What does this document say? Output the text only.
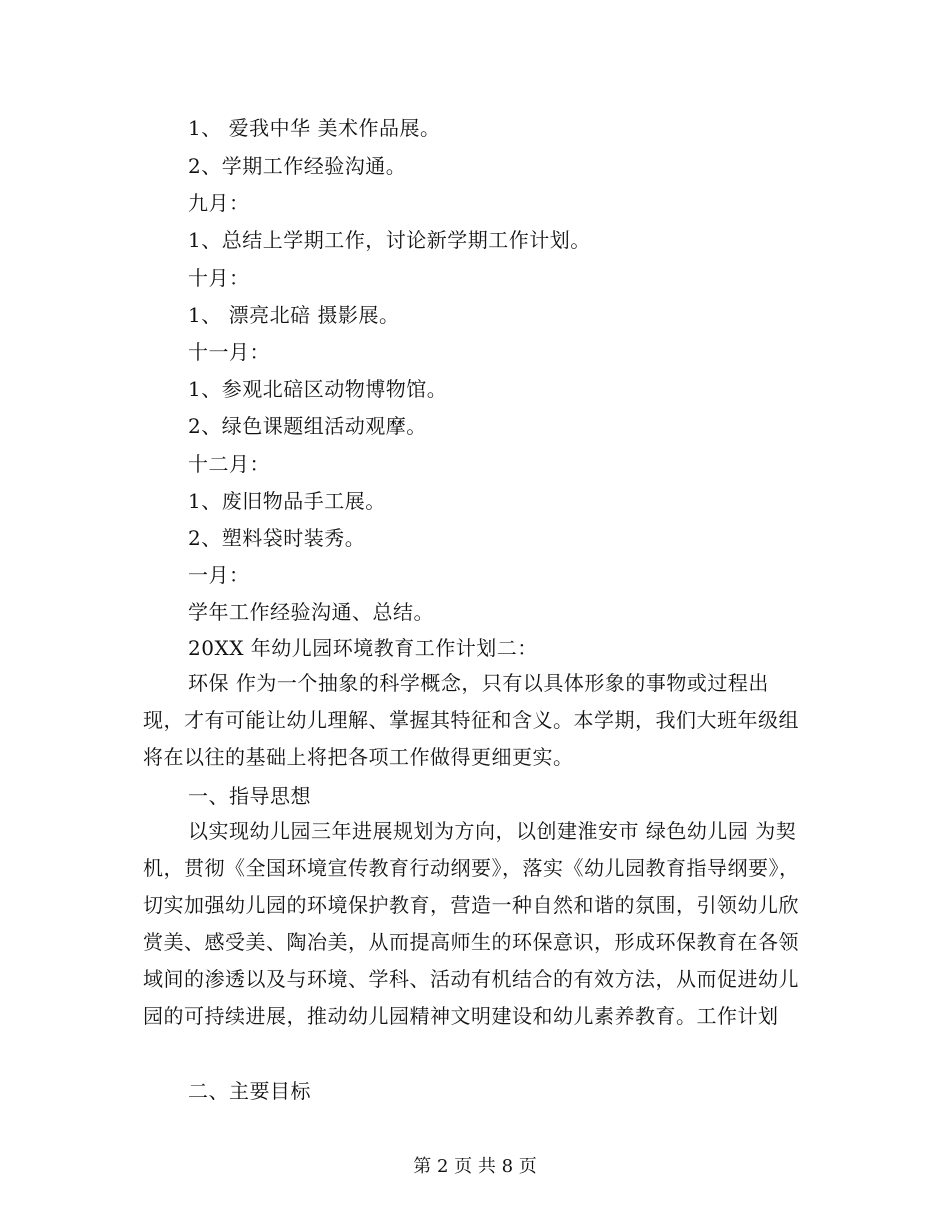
1、 爱我中华 美术作品展。
2、学期工作经验沟通。
九月：
1、总结上学期工作，讨论新学期工作计划。
十月：
1、 漂亮北碚 摄影展。
十一月：
1、参观北碚区动物博物馆。
2、绿色课题组活动观摩。
十二月：
1、废旧物品手工展。
2、塑料袋时装秀。
一月：
学年工作经验沟通、总结。
20XX 年幼儿园环境教育工作计划二：

环保 作为一个抽象的科学概念，只有以具体形象的事物或过程出现，才有可能让幼儿理解、掌握其特征和含义。本学期，我们大班年级组将在以往的基础上将把各项工作做得更细更实。

一、指导思想

以实现幼儿园三年进展规划为方向，以创建淮安市 绿色幼儿园 为契机，贯彻《全国环境宣传教育行动纲要》，落实《幼儿园教育指导纲要》，切实加强幼儿园的环境保护教育，营造一种自然和谐的氛围，引领幼儿欣赏美、感受美、陶冶美，从而提高师生的环保意识，形成环保教育在各领域间的渗透以及与环境、学科、活动有机结合的有效方法，从而促进幼儿园的可持续进展，推动幼儿园精神文明建设和幼儿素养教育。工作计划

二、主要目标
第 2 页 共 8 页
